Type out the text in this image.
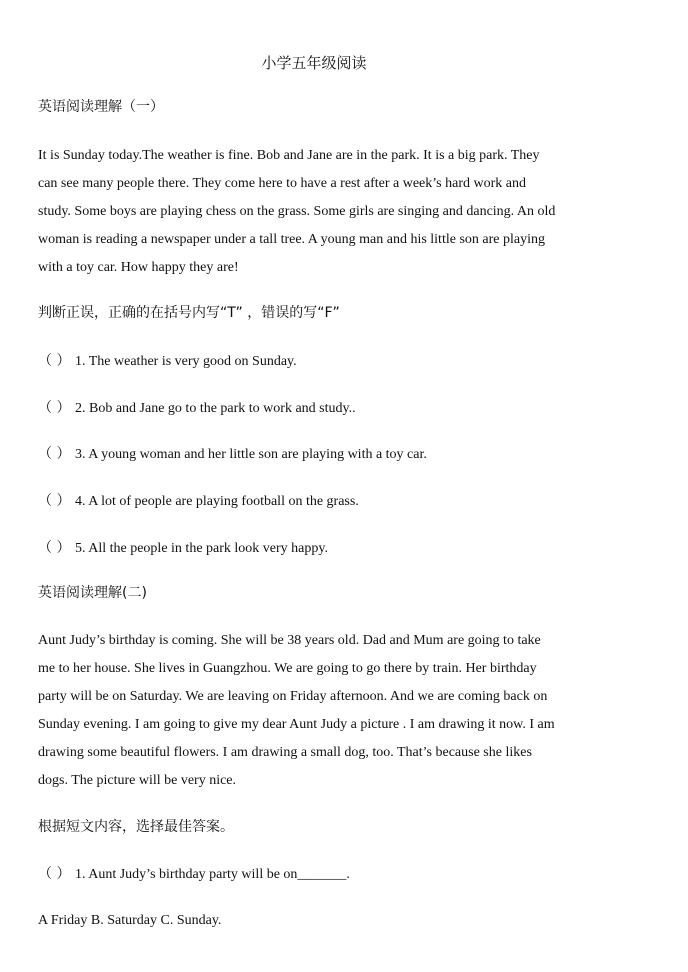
小学五年级阅读
英语阅读理解（一）
It is Sunday today.The weather is fine. Bob and Jane are in the park. It is a big park. They
can see many people there. They come here to have a rest after a week’s hard work and
study. Some boys are playing chess on the grass. Some girls are singing and dancing. An old
woman is reading a newspaper under a tall tree. A young man and his little son are playing
with a toy car. How happy they are!
判断正误，正确的在括号内写“T” ，错误的写“F”
（ ） 1. The weather is very good on Sunday.
（ ） 2. Bob and Jane go to the park to work and study..
（ ） 3. A young woman and her little son are playing with a toy car.
（ ） 4. A lot of people are playing football on the grass.
（ ） 5. All the people in the park look very happy.
英语阅读理解(二)
Aunt Judy’s birthday is coming. She will be 38 years old. Dad and Mum are going to take
me to her house. She lives in Guangzhou. We are going to go there by train. Her birthday
party will be on Saturday. We are leaving on Friday afternoon. And we are coming back on
Sunday evening. I am going to give my dear Aunt Judy a picture . I am drawing it now. I am
drawing some beautiful flowers. I am drawing a small dog, too. That’s because she likes
dogs. The picture will be very nice.
根据短文内容，选择最佳答案。
（ ） 1. Aunt Judy’s birthday party will be on_______.
A Friday B. Saturday C. Sunday.
